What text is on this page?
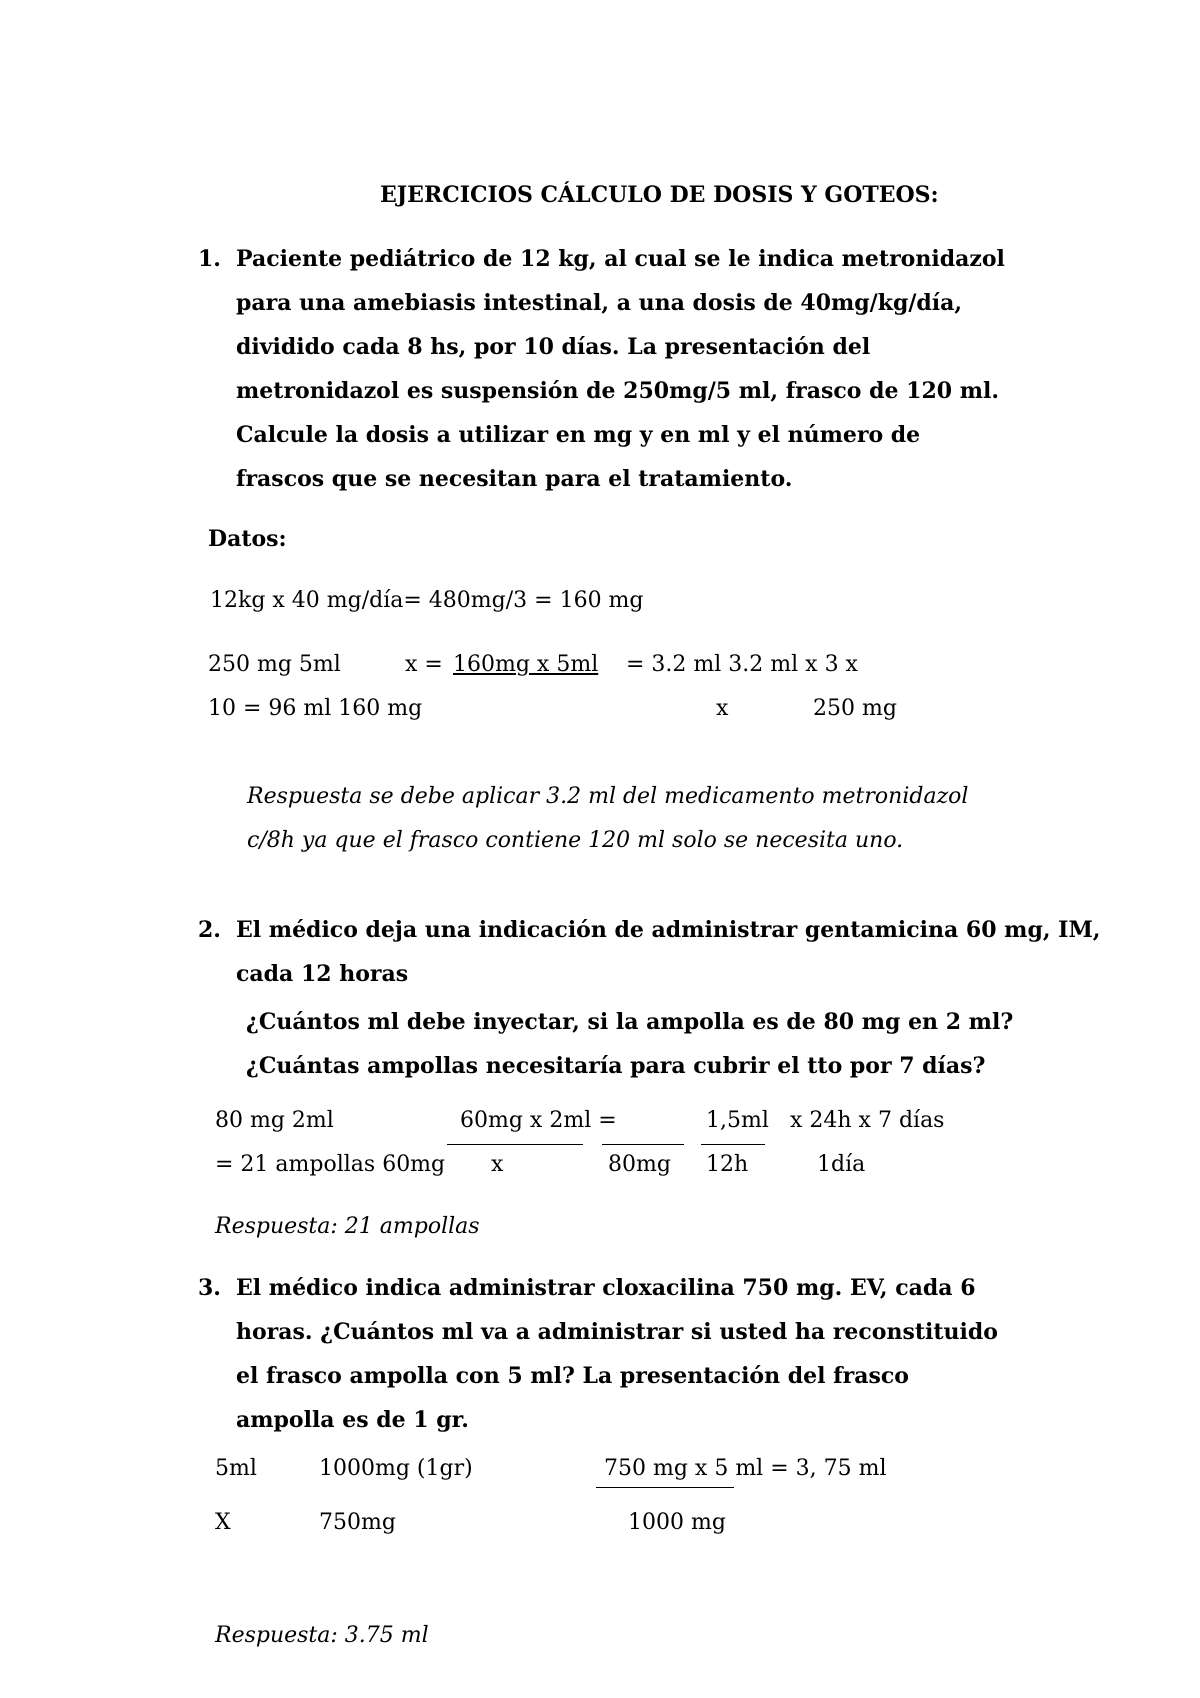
EJERCICIOS CÁLCULO DE DOSIS Y GOTEOS:
1. Paciente pediátrico de 12 kg, al cual se le indica metronidazol
para una amebiasis intestinal, a una dosis de 40mg/kg/día,
dividido cada 8 hs, por 10 días. La presentación del
metronidazol es suspensión de 250mg/5 ml, frasco de 120 ml.
Calcule la dosis a utilizar en mg y en ml y el número de
frascos que se necesitan para el tratamiento.
Datos:
12kg x 40 mg/día= 480mg/3 = 160 mg
250 mg 5ml	x = 160mg x 5ml = 3.2 ml 3.2 ml x 3 x
10 = 96 ml 160 mg	x	250 mg
Respuesta se debe aplicar 3.2 ml del medicamento metronidazol
c/8h ya que el frasco contiene 120 ml solo se necesita uno.
2. El médico deja una indicación de administrar gentamicina 60 mg, IM,
cada 12 horas
¿Cuántos ml debe inyectar, si la ampolla es de 80 mg en 2 ml?
¿Cuántas ampollas necesitaría para cubrir el tto por 7 días?
80 mg 2ml	60mg x 2ml =	1,5ml x 24h x 7 días
= 21 ampollas 60mg x	80mg 12h	1día
Respuesta: 21 ampollas
3. El médico indica administrar cloxacilina 750 mg. EV, cada 6
horas. ¿Cuántos ml va a administrar si usted ha reconstituido
el frasco ampolla con 5 ml? La presentación del frasco
ampolla es de 1 gr.
5ml	1000mg (1gr)	750 mg x 5 ml = 3, 75 ml
X	750mg	1000 mg
Respuesta: 3.75 ml
